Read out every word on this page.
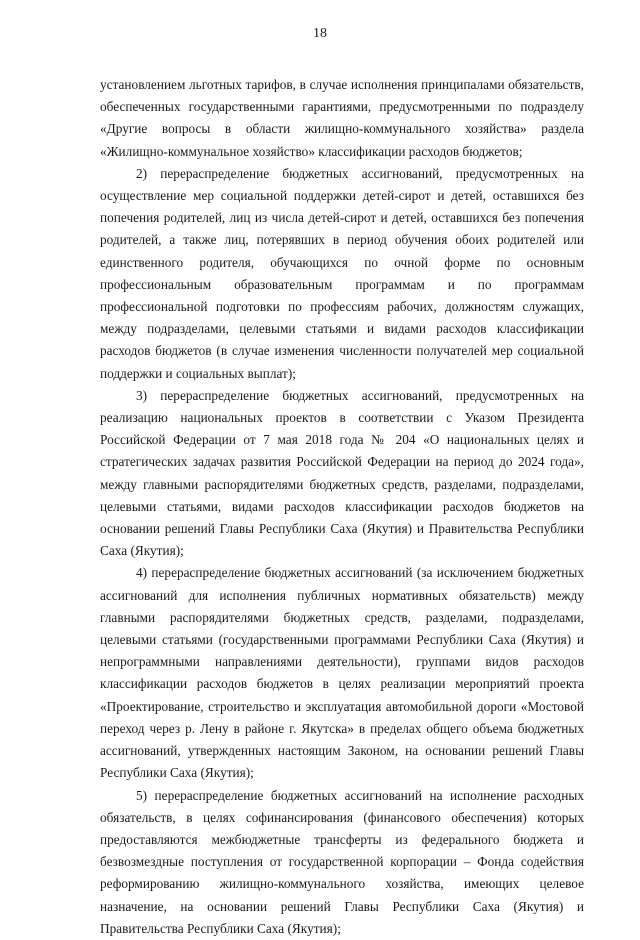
18

установлением льготных тарифов, в случае исполнения принципалами обязательств, обеспеченных государственными гарантиями, предусмотренными по подразделу «Другие вопросы в области жилищно-коммунального хозяйства» раздела «Жилищно-коммунальное хозяйство» классификации расходов бюджетов;

2) перераспределение бюджетных ассигнований, предусмотренных на осуществление мер социальной поддержки детей-сирот и детей, оставшихся без попечения родителей, лиц из числа детей-сирот и детей, оставшихся без попечения родителей, а также лиц, потерявших в период обучения обоих родителей или единственного родителя, обучающихся по очной форме по основным профессиональным образовательным программам и по программам профессиональной подготовки по профессиям рабочих, должностям служащих, между подразделами, целевыми статьями и видами расходов классификации расходов бюджетов (в случае изменения численности получателей мер социальной поддержки и социальных выплат);

3) перераспределение бюджетных ассигнований, предусмотренных на реализацию национальных проектов в соответствии с Указом Президента Российской Федерации от 7 мая 2018 года № 204 «О национальных целях и стратегических задачах развития Российской Федерации на период до 2024 года», между главными распорядителями бюджетных средств, разделами, подразделами, целевыми статьями, видами расходов классификации расходов бюджетов на основании решений Главы Республики Саха (Якутия) и Правительства Республики Саха (Якутия);

4) перераспределение бюджетных ассигнований (за исключением бюджетных ассигнований для исполнения публичных нормативных обязательств) между главными распорядителями бюджетных средств, разделами, подразделами, целевыми статьями (государственными программами Республики Саха (Якутия) и непрограммными направлениями деятельности), группами видов расходов классификации расходов бюджетов в целях реализации мероприятий проекта «Проектирование, строительство и эксплуатация автомобильной дороги «Мостовой переход через р. Лену в районе г. Якутска» в пределах общего объема бюджетных ассигнований, утвержденных настоящим Законом, на основании решений Главы Республики Саха (Якутия);

5) перераспределение бюджетных ассигнований на исполнение расходных обязательств, в целях софинансирования (финансового обеспечения) которых предоставляются межбюджетные трансферты из федерального бюджета и безвозмездные поступления от государственной корпорации – Фонда содействия реформированию жилищно-коммунального хозяйства, имеющих целевое назначение, на основании решений Главы Республики Саха (Якутия) и Правительства Республики Саха (Якутия);
